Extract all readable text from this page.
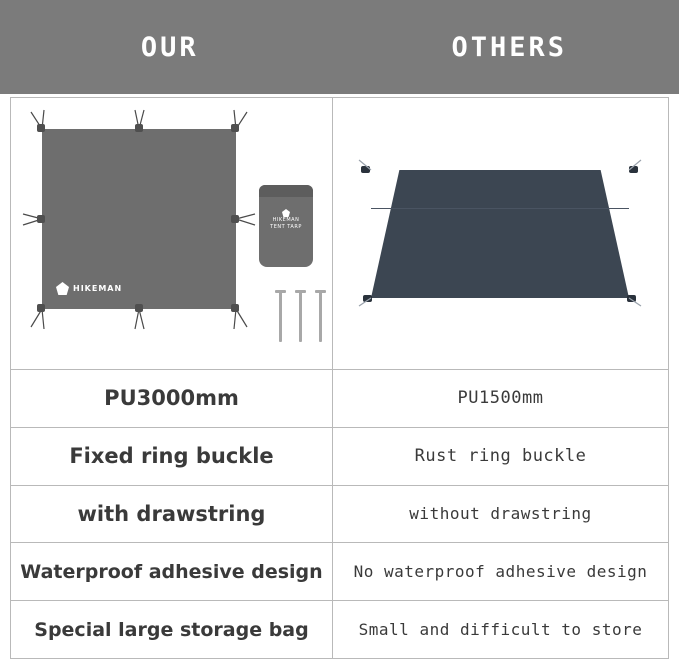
OUR	OTHERS
HIKEMAN
HIKEMAN
TENT TARP
PU3000mm	PU1500mm
Fixed ring buckle	Rust ring buckle
with drawstring	without drawstring
Waterproof adhesive design	No waterproof adhesive design
Special large storage bag	Small and difficult to store
